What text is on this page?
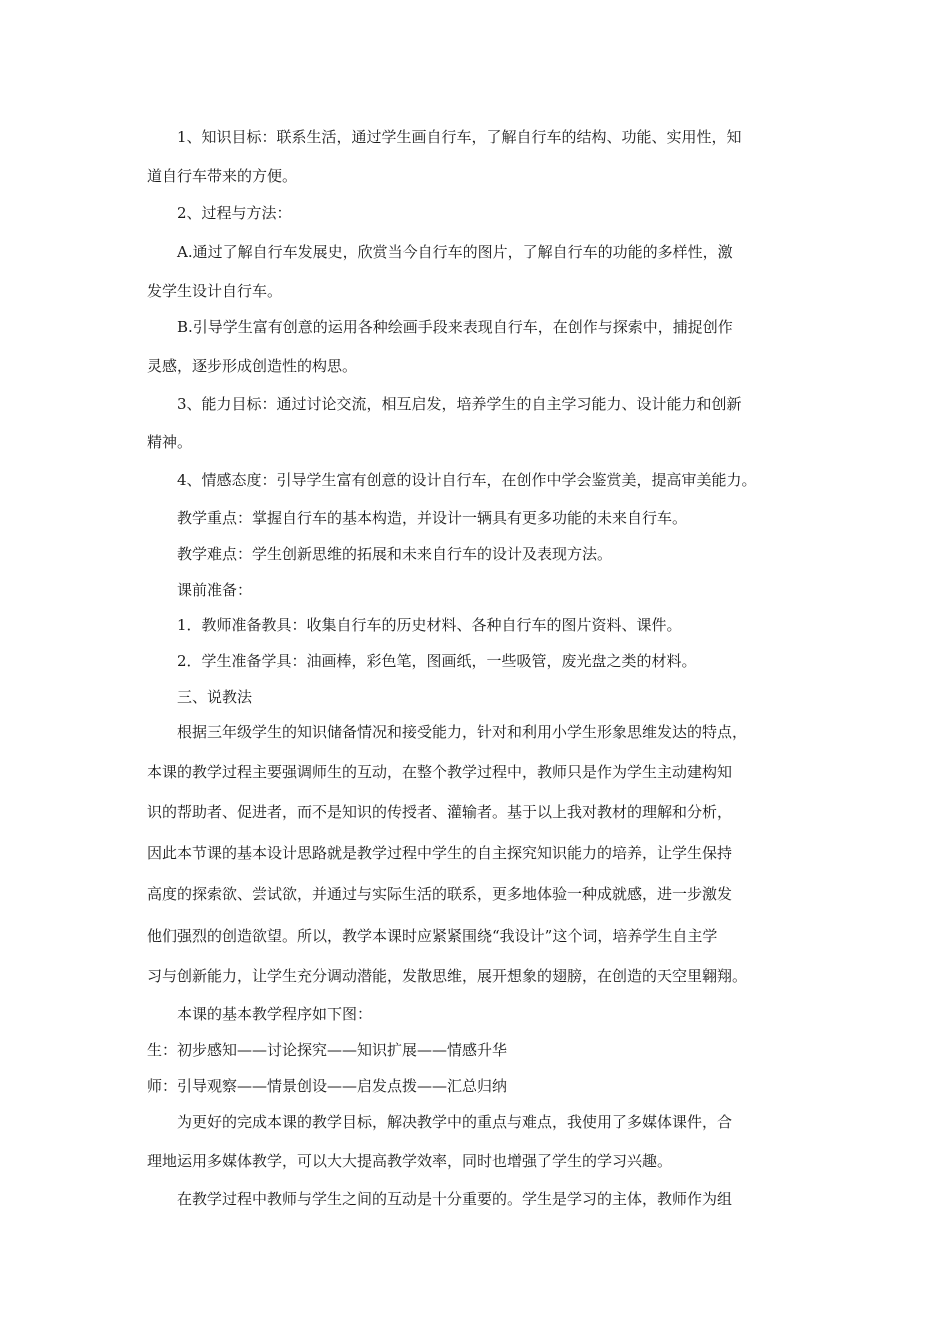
1、知识目标：联系生活，通过学生画自行车，了解自行车的结构、功能、实用性，知
道自行车带来的方便。
2、过程与方法：
A.通过了解自行车发展史，欣赏当今自行车的图片，了解自行车的功能的多样性，激
发学生设计自行车。
B.引导学生富有创意的运用各种绘画手段来表现自行车，在创作与探索中，捕捉创作
灵感，逐步形成创造性的构思。
3、能力目标：通过讨论交流，相互启发，培养学生的自主学习能力、设计能力和创新
精神。
4、情感态度：引导学生富有创意的设计自行车，在创作中学会鉴赏美，提高审美能力。
教学重点：掌握自行车的基本构造，并设计一辆具有更多功能的未来自行车。
教学难点：学生创新思维的拓展和未来自行车的设计及表现方法。
课前准备：
1．教师准备教具：收集自行车的历史材料、各种自行车的图片资料、课件。
2．学生准备学具：油画棒，彩色笔，图画纸，一些吸管，废光盘之类的材料。
三、说教法
根据三年级学生的知识储备情况和接受能力，针对和利用小学生形象思维发达的特点，
本课的教学过程主要强调师生的互动，在整个教学过程中，教师只是作为学生主动建构知
识的帮助者、促进者，而不是知识的传授者、灌输者。基于以上我对教材的理解和分析，
因此本节课的基本设计思路就是教学过程中学生的自主探究知识能力的培养，让学生保持
高度的探索欲、尝试欲，并通过与实际生活的联系，更多地体验一种成就感，进一步激发
他们强烈的创造欲望。所以，教学本课时应紧紧围绕“我设计”这个词，培养学生自主学
习与创新能力，让学生充分调动潜能，发散思维，展开想象的翅膀，在创造的天空里翱翔。
本课的基本教学程序如下图：
生：初步感知——讨论探究——知识扩展——情感升华
师：引导观察——情景创设——启发点拨——汇总归纳
为更好的完成本课的教学目标，解决教学中的重点与难点，我使用了多媒体课件，合
理地运用多媒体教学，可以大大提高教学效率，同时也增强了学生的学习兴趣。
在教学过程中教师与学生之间的互动是十分重要的。学生是学习的主体，教师作为组
